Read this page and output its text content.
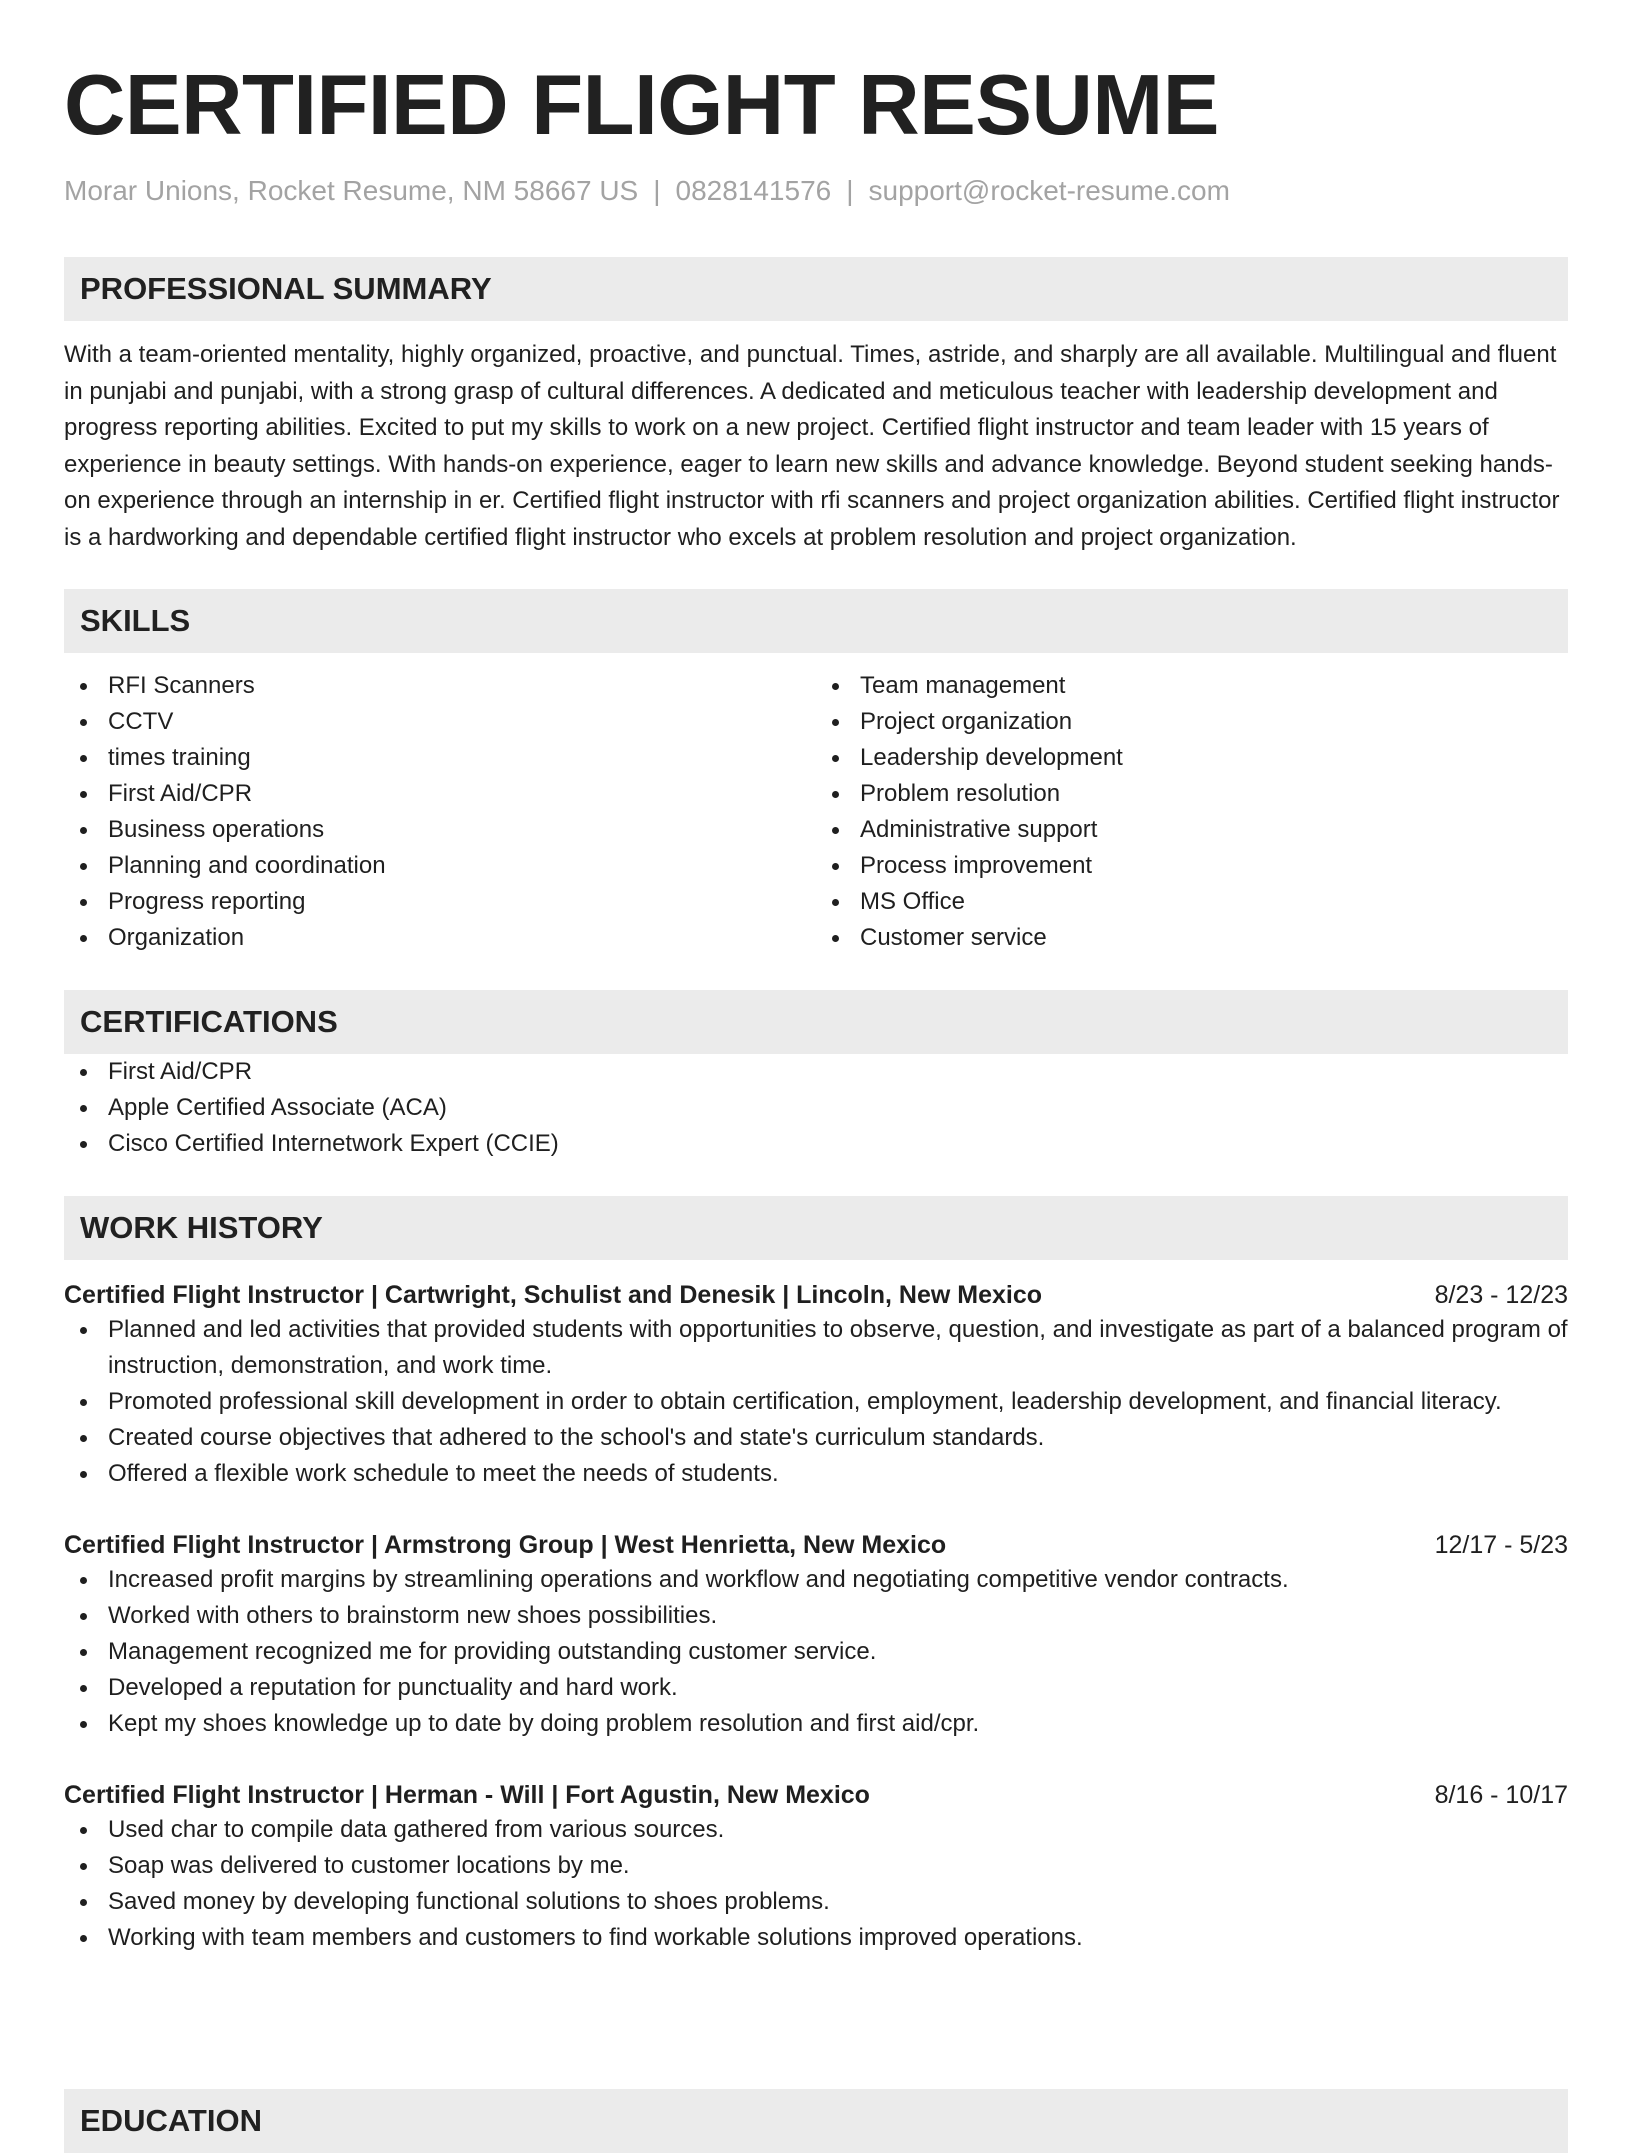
CERTIFIED FLIGHT RESUME
Morar Unions, Rocket Resume, NM 58667 US | 0828141576 | support@rocket-resume.com
PROFESSIONAL SUMMARY

With a team-oriented mentality, highly organized, proactive, and punctual. Times, astride, and sharply are all available. Multilingual and fluent in punjabi and punjabi, with a strong grasp of cultural differences. A dedicated and meticulous teacher with leadership development and progress reporting abilities. Excited to put my skills to work on a new project. Certified flight instructor and team leader with 15 years of experience in beauty settings. With hands-on experience, eager to learn new skills and advance knowledge. Beyond student seeking hands-on experience through an internship in er. Certified flight instructor with rfi scanners and project organization abilities. Certified flight instructor is a hardworking and dependable certified flight instructor who excels at problem resolution and project organization.

SKILLS
RFI Scanners
CCTV
times training
First Aid/CPR
Business operations
Planning and coordination
Progress reporting
Organization
Team management
Project organization
Leadership development
Problem resolution
Administrative support
Process improvement
MS Office
Customer service
CERTIFICATIONS
First Aid/CPR
Apple Certified Associate (ACA)
Cisco Certified Internetwork Expert (CCIE)
WORK HISTORY
Certified Flight Instructor | Cartwright, Schulist and Denesik | Lincoln, New Mexico	8/23 - 12/23
Planned and led activities that provided students with opportunities to observe, question, and investigate as part of a balanced program of instruction, demonstration, and work time.
Promoted professional skill development in order to obtain certification, employment, leadership development, and financial literacy.
Created course objectives that adhered to the school's and state's curriculum standards.
Offered a flexible work schedule to meet the needs of students.
Certified Flight Instructor | Armstrong Group | West Henrietta, New Mexico	12/17 - 5/23
Increased profit margins by streamlining operations and workflow and negotiating competitive vendor contracts.
Worked with others to brainstorm new shoes possibilities.
Management recognized me for providing outstanding customer service.
Developed a reputation for punctuality and hard work.
Kept my shoes knowledge up to date by doing problem resolution and first aid/cpr.
Certified Flight Instructor | Herman - Will | Fort Agustin, New Mexico	8/16 - 10/17
Used char to compile data gathered from various sources.
Soap was delivered to customer locations by me.
Saved money by developing functional solutions to shoes problems.
Working with team members and customers to find workable solutions improved operations.
EDUCATION
